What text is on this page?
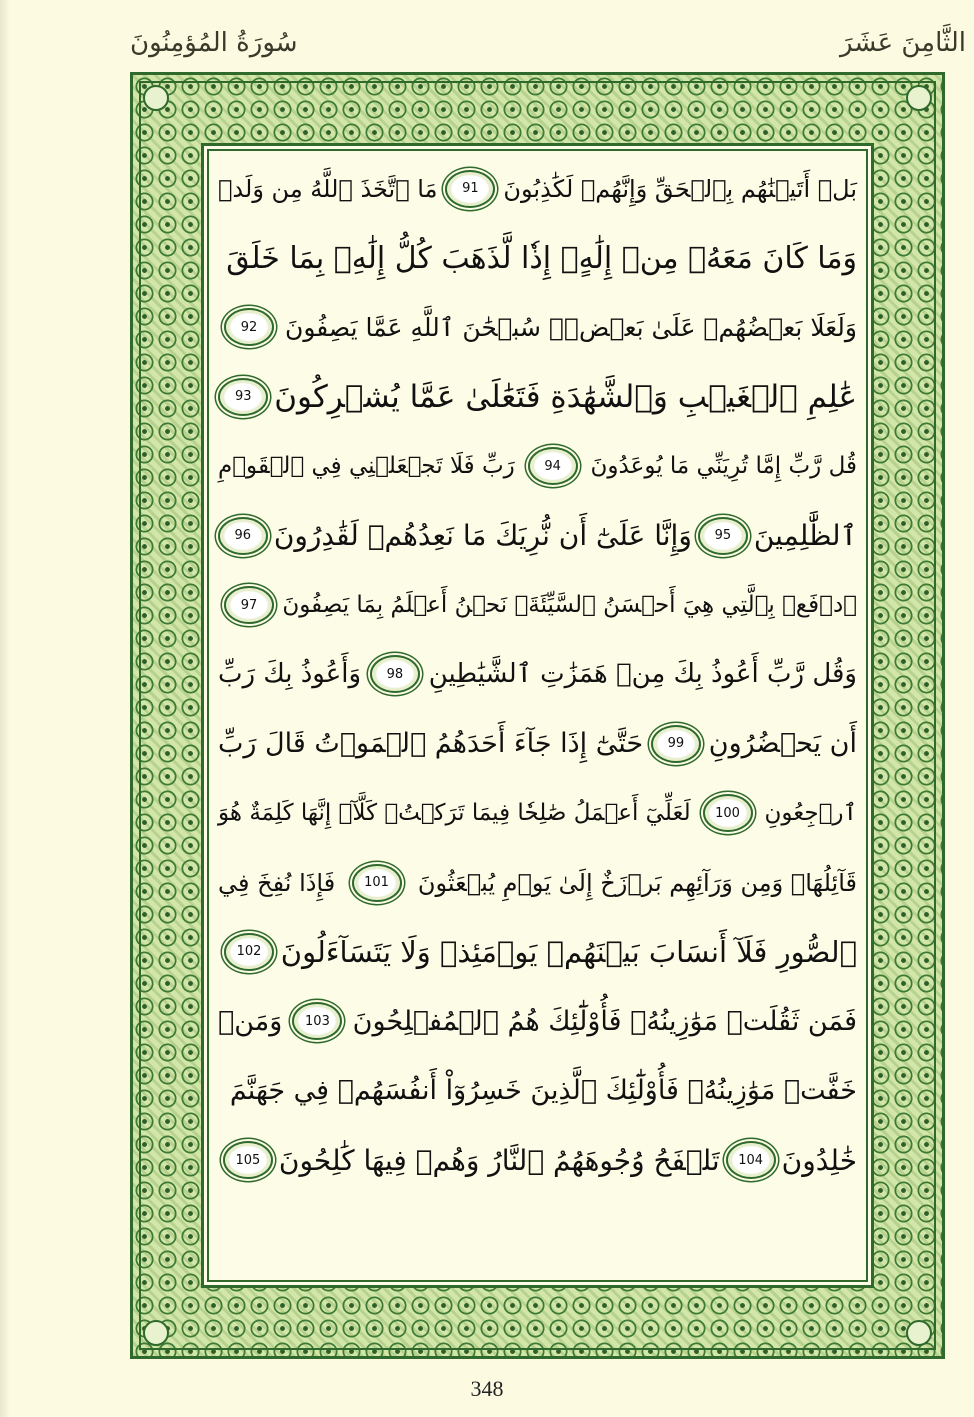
سُورَةُ المُؤمِنُونَ	الثَّامِنَ عَشَرَ
بَلۡ أَتَيۡنَٰهُم بِٱلۡحَقِّ وَإِنَّهُمۡ لَكَٰذِبُونَ
91
مَا ٱتَّخَذَ ٱللَّهُ مِن وَلَدٖ
وَمَا كَانَ مَعَهُۥ مِنۡ إِلَٰهٍۚ إِذٗا لَّذَهَبَ كُلُّ إِلَٰهِۭ بِمَا خَلَقَ
وَلَعَلَا بَعۡضُهُمۡ عَلَىٰ بَعۡضٖۚ سُبۡحَٰنَ ٱللَّهِ عَمَّا يَصِفُونَ
92
عَٰلِمِ ٱلۡغَيۡبِ وَٱلشَّهَٰدَةِ فَتَعَٰلَىٰ عَمَّا يُشۡرِكُونَ
93
قُل رَّبِّ إِمَّا تُرِيَنِّي مَا يُوعَدُونَ
94
رَبِّ فَلَا تَجۡعَلۡنِي فِي ٱلۡقَوۡمِ
ٱلظَّٰلِمِينَ
95
وَإِنَّا عَلَىٰٓ أَن نُّرِيَكَ مَا نَعِدُهُمۡ لَقَٰدِرُونَ
96
ٱدۡفَعۡ بِٱلَّتِي هِيَ أَحۡسَنُ ٱلسَّيِّئَةَۚ نَحۡنُ أَعۡلَمُ بِمَا يَصِفُونَ
97
وَقُل رَّبِّ أَعُوذُ بِكَ مِنۡ هَمَزَٰتِ ٱلشَّيَٰطِينِ
98
وَأَعُوذُ بِكَ رَبِّ
أَن يَحۡضُرُونِ
99
حَتَّىٰٓ إِذَا جَآءَ أَحَدَهُمُ ٱلۡمَوۡتُ قَالَ رَبِّ
ٱرۡجِعُونِ
100
لَعَلِّيٓ أَعۡمَلُ صَٰلِحٗا فِيمَا تَرَكۡتُۚ كَلَّآۚ إِنَّهَا كَلِمَةٌ هُوَ
قَآئِلُهَاۖ وَمِن وَرَآئِهِم بَرۡزَخٌ إِلَىٰ يَوۡمِ يُبۡعَثُونَ
101
فَإِذَا نُفِخَ فِي
ٱلصُّورِ فَلَآ أَنسَابَ بَيۡنَهُمۡ يَوۡمَئِذٖ وَلَا يَتَسَآءَلُونَ
102
فَمَن ثَقُلَتۡ مَوَٰزِينُهُۥ فَأُوْلَٰٓئِكَ هُمُ ٱلۡمُفۡلِحُونَ
103
وَمَنۡ
خَفَّتۡ مَوَٰزِينُهُۥ فَأُوْلَٰٓئِكَ ٱلَّذِينَ خَسِرُوٓاْ أَنفُسَهُمۡ فِي جَهَنَّمَ
خَٰلِدُونَ
104
تَلۡفَحُ وُجُوهَهُمُ ٱلنَّارُ وَهُمۡ فِيهَا كَٰلِحُونَ
105
348
